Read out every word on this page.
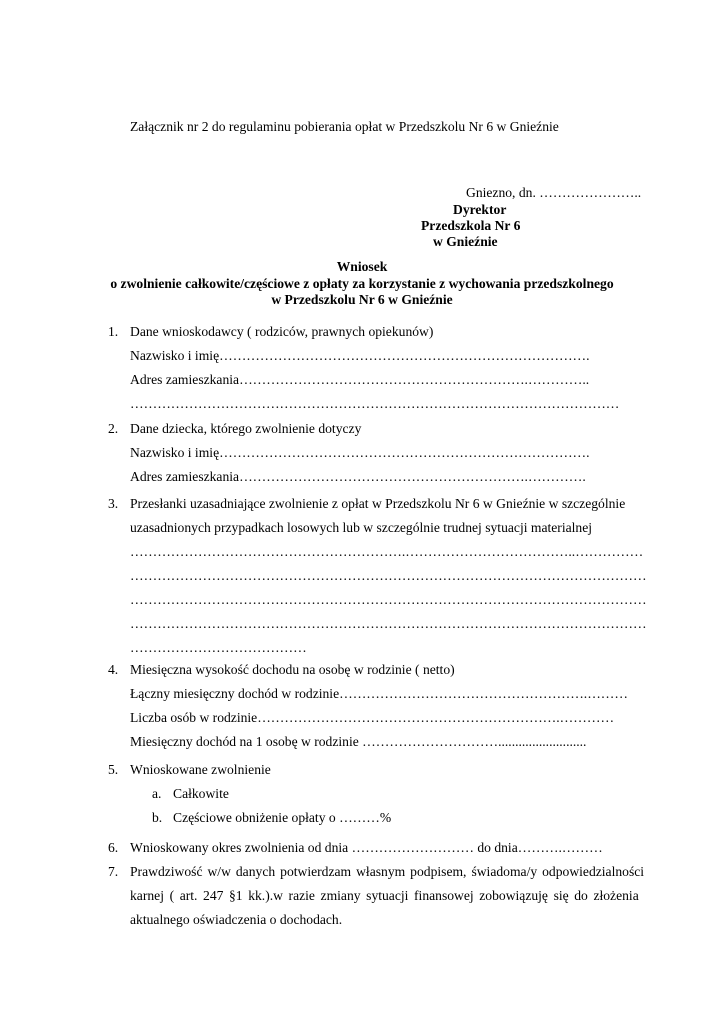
Załącznik nr 2 do regulaminu pobierania opłat w Przedszkolu Nr 6 w Gnieźnie
Gniezno, dn. …………………..
Dyrektor
Przedszkola Nr 6
w Gnieźnie
Wniosek
o zwolnienie całkowite/częściowe z opłaty za korzystanie z wychowania przedszkolnego
w Przedszkolu Nr 6 w Gnieźnie
1. Dane wnioskodawcy ( rodziców, prawnych opiekunów)
Nazwisko i imię……………………………………………………………………….
Adres zamieszkania……………………………………………………….…………..
………………………………………………………………………………………………
2. Dane dziecka, którego zwolnienie dotyczy
Nazwisko i imię……………………………………………………………………….
Adres zamieszkania……………………………………………………….………….
3. Przesłanki uzasadniające zwolnienie z opłat w Przedszkolu Nr 6 w Gnieźnie w szczególnie
uzasadnionych przypadkach losowych lub w szczególnie trudnej sytuacji materialnej
…………………………………………………….………………………………..……………
……………………………………………………………………………………………………
……………………………………………………………………………………………………
……………………………………………………………………………………………………
…………………………………
4. Miesięczna wysokość dochodu na osobę w rodzinie ( netto)
Łączny miesięczny dochód w rodzinie……………………………………………….………
Liczba osób w rodzinie………………………………………………………….…………
Miesięczny dochód na 1 osobę w rodzinie …………………………..........................
5. Wnioskowane zwolnienie
a. Całkowite
b. Częściowe obniżenie opłaty o ………%
6. Wnioskowany okres zwolnienia od dnia ……………………… do dnia……….………
7. Prawdziwość w/w danych potwierdzam własnym podpisem, świadoma/y odpowiedzialności
karnej ( art. 247 §1 kk.).w razie zmiany sytuacji finansowej zobowiązuję się do złożenia
aktualnego oświadczenia o dochodach.
